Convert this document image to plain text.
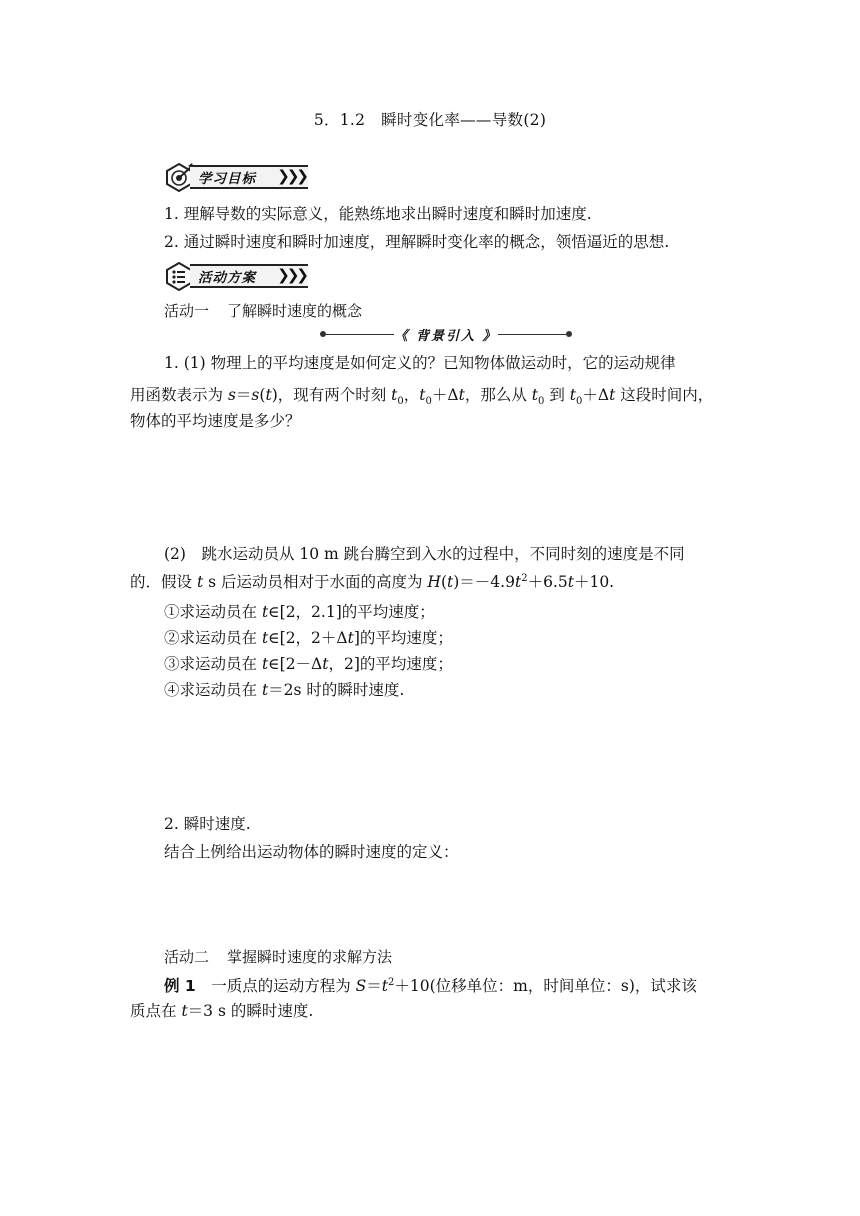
5．1.2　瞬时变化率——导数(2)
学习目标 ❯❯❯
1. 理解导数的实际意义，能熟练地求出瞬时速度和瞬时加速度.
2. 通过瞬时速度和瞬时加速度，理解瞬时变化率的概念，领悟逼近的思想.
活动方案 ❯❯❯
活动一 了解瞬时速度的概念
《 背景引入 》
1. (1) 物理上的平均速度是如何定义的？已知物体做运动时，它的运动规律
用函数表示为 s＝s(t)，现有两个时刻 $t_0$，$t_0+\Delta t$，那么从 $t_0$ 到 $t_0+\Delta t$ 这段时间内，
物体的平均速度是多少？
(2)　跳水运动员从 10 m 跳台腾空到入水的过程中，不同时刻的速度是不同
的．假设 t s 后运动员相对于水面的高度为 $H(t)=-4.9t^2+6.5t+10$.
①求运动员在 t∈[2，2.1]的平均速度；
②求运动员在 t∈[2，2＋Δt]的平均速度；
③求运动员在 t∈[2－Δt，2]的平均速度；
④求运动员在 t＝2s 时的瞬时速度.
2. 瞬时速度.
结合上例给出运动物体的瞬时速度的定义：
活动二 掌握瞬时速度的求解方法
例 1　 一质点的运动方程为 $S=t^2+10$(位移单位：m，时间单位：s)，试求该
质点在 t＝3 s 的瞬时速度.
